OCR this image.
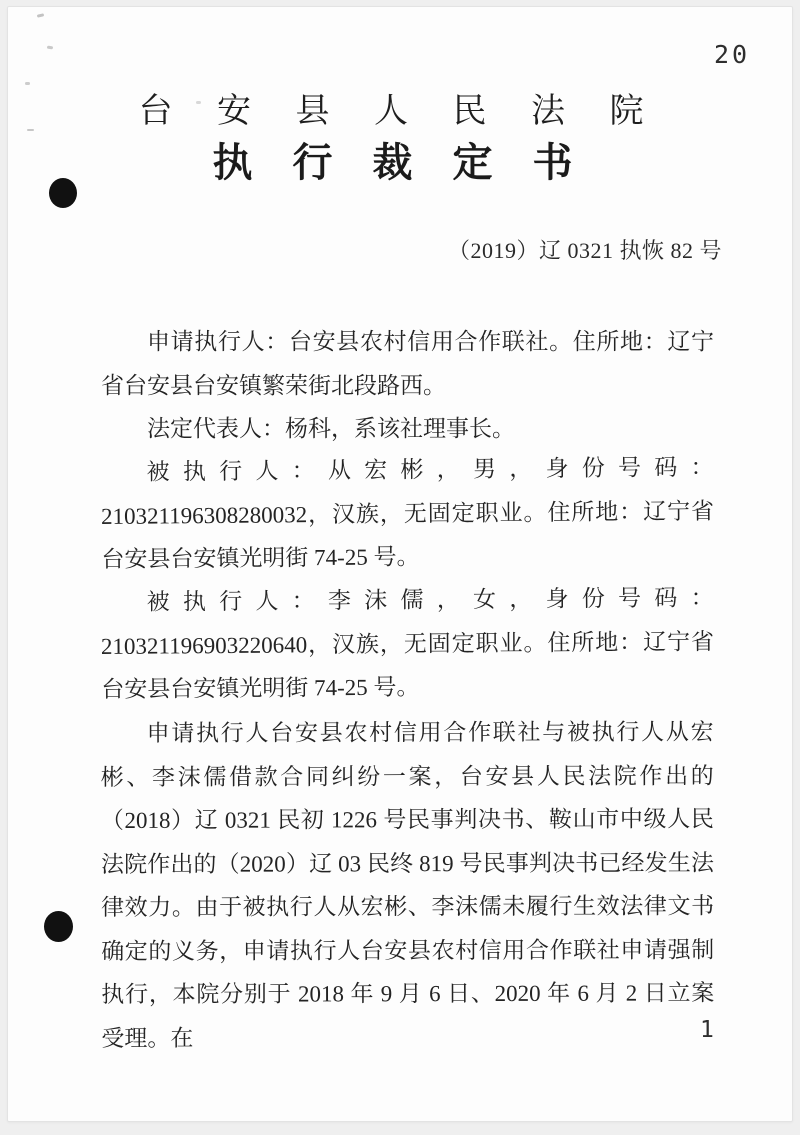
20
台 安 县 人 民 法 院
执 行 裁 定 书
（2019）辽 0321 执恢 82 号

申请执行人：台安县农村信用合作联社。住所地：辽宁省台安县台安镇繁荣街北段路西。

法定代表人：杨科，系该社理事长。

被执行人：从宏彬，男，身份号码：210321196308280032，汉族，无固定职业。住所地：辽宁省台安县台安镇光明街 74-25 号。

被执行人：李沫儒，女，身份号码：210321196903220640，汉族，无固定职业。住所地：辽宁省台安县台安镇光明街 74-25 号。

申请执行人台安县农村信用合作联社与被执行人从宏彬、李沫儒借款合同纠纷一案，台安县人民法院作出的（2018）辽 0321 民初 1226 号民事判决书、鞍山市中级人民法院作出的（2020）辽 03 民终 819 号民事判决书已经发生法律效力。由于被执行人从宏彬、李沫儒未履行生效法律文书确定的义务，申请执行人台安县农村信用合作联社申请强制执行，本院分别于 2018 年 9 月 6 日、2020 年 6 月 2 日立案受理。在	1
